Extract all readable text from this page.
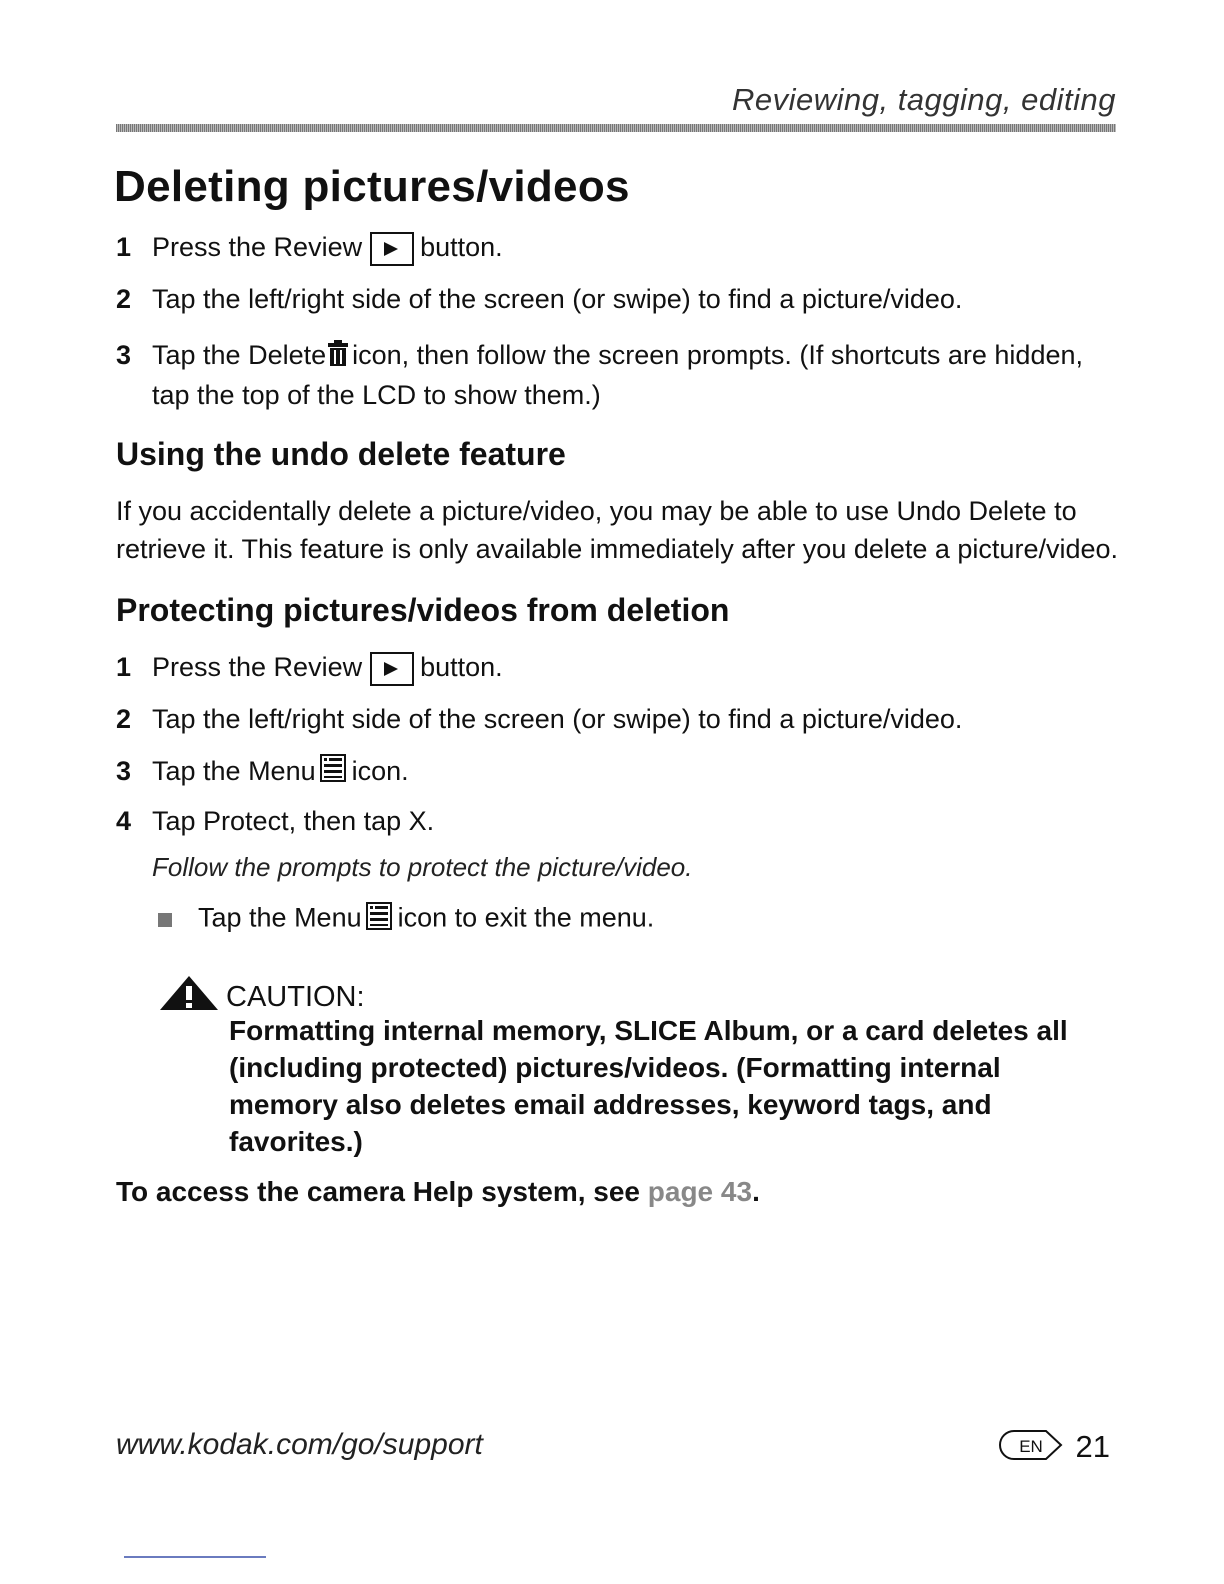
Reviewing, tagging, editing
Deleting pictures/videos
1 Press the Review button.
2 Tap the left/right side of the screen (or swipe) to find a picture/video.
3 Tap the Delete icon, then follow the screen prompts. (If shortcuts are hidden,
tap the top of the LCD to show them.)
Using the undo delete feature
If you accidentally delete a picture/video, you may be able to use Undo Delete to
retrieve it. This feature is only available immediately after you delete a picture/video.
Protecting pictures/videos from deletion
1 Press the Review button.
2 Tap the left/right side of the screen (or swipe) to find a picture/video.
3 Tap the Menu icon.
4 Tap Protect, then tap X.
Follow the prompts to protect the picture/video.
Tap the Menu icon to exit the menu.
CAUTION:
Formatting internal memory, SLICE Album, or a card deletes all
(including protected) pictures/videos. (Formatting internal
memory also deletes email addresses, keyword tags, and
favorites.)
To access the camera Help system, see page 43.
www.kodak.com/go/support	EN 21
